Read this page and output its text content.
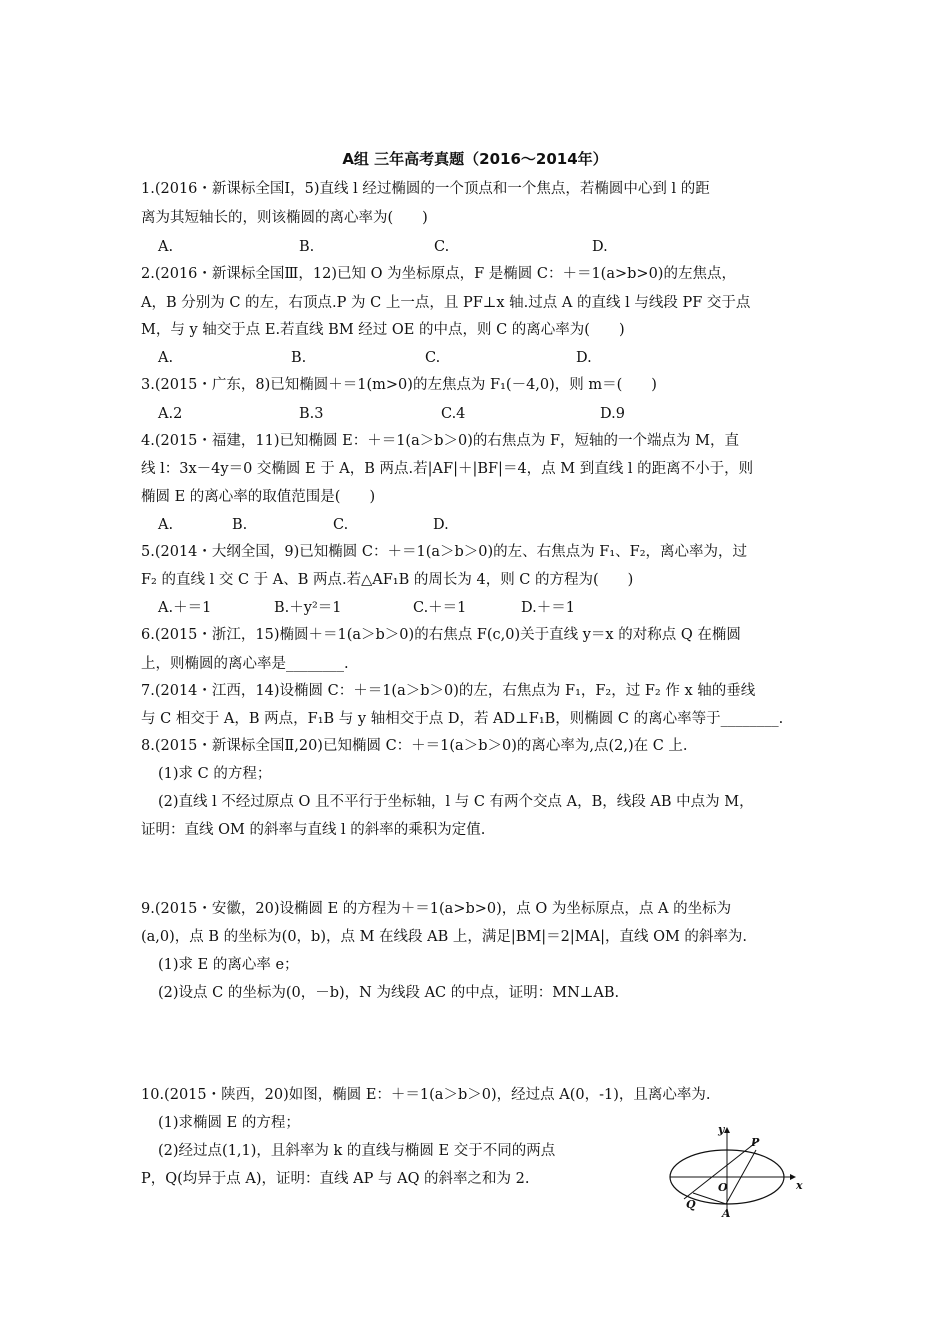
A组 三年高考真题（2016～2014年）
1.(2016・新课标全国Ⅰ，5)直线 l 经过椭圆的一个顶点和一个焦点，若椭圆中心到 l 的距
离为其短轴长的，则该椭圆的离心率为(　　)
A.	B.	C.	D.
2.(2016・新课标全国Ⅲ，12)已知 O 为坐标原点，F 是椭圆 C：＋＝1(a>b>0)的左焦点，
A，B 分别为 C 的左，右顶点.P 为 C 上一点，且 PF⊥x 轴.过点 A 的直线 l 与线段 PF 交于点
M，与 y 轴交于点 E.若直线 BM 经过 OE 的中点，则 C 的离心率为(　　)
A.	B.	C.	D.
3.(2015・广东，8)已知椭圆＋＝1(m>0)的左焦点为 F₁(－4,0)，则 m＝(　　)
A.2	B.3	C.4	D.9
4.(2015・福建，11)已知椭圆 E：＋＝1(a＞b＞0)的右焦点为 F，短轴的一个端点为 M，直
线 l：3x－4y＝0 交椭圆 E 于 A，B 两点.若|AF|＋|BF|＝4，点 M 到直线 l 的距离不小于，则
椭圆 E 的离心率的取值范围是(　　)
A.	B.	C.	D.
5.(2014・大纲全国，9)已知椭圆 C：＋＝1(a＞b＞0)的左、右焦点为 F₁、F₂，离心率为，过
F₂ 的直线 l 交 C 于 A、B 两点.若△AF₁B 的周长为 4，则 C 的方程为(　　)
A.＋＝1	B.＋y²＝1	C.＋＝1	D.＋＝1
6.(2015・浙江，15)椭圆＋＝1(a＞b＞0)的右焦点 F(c,0)关于直线 y＝x 的对称点 Q 在椭圆
上，则椭圆的离心率是________.
7.(2014・江西，14)设椭圆 C：＋＝1(a＞b＞0)的左，右焦点为 F₁，F₂，过 F₂ 作 x 轴的垂线
与 C 相交于 A，B 两点，F₁B 与 y 轴相交于点 D，若 AD⊥F₁B，则椭圆 C 的离心率等于________.
8.(2015・新课标全国Ⅱ,20)已知椭圆 C：＋＝1(a＞b＞0)的离心率为,点(2,)在 C 上.
(1)求 C 的方程；
(2)直线 l 不经过原点 O 且不平行于坐标轴，l 与 C 有两个交点 A，B，线段 AB 中点为 M，
证明：直线 OM 的斜率与直线 l 的斜率的乘积为定值.
9.(2015・安徽，20)设椭圆 E 的方程为＋＝1(a>b>0)，点 O 为坐标原点，点 A 的坐标为
(a,0)，点 B 的坐标为(0，b)，点 M 在线段 AB 上，满足|BM|＝2|MA|，直线 OM 的斜率为.
(1)求 E 的离心率 e；
(2)设点 C 的坐标为(0，－b)，N 为线段 AC 的中点，证明：MN⊥AB.
10.(2015・陕西，20)如图，椭圆 E：＋＝1(a＞b＞0)，经过点 A(0，-1)，且离心率为.
(1)求椭圆 E 的方程；
(2)经过点(1,1)，且斜率为 k 的直线与椭圆 E 交于不同的两点
P，Q(均异于点 A)，证明：直线 AP 与 AQ 的斜率之和为 2.
y
x
P
O
Q
A
